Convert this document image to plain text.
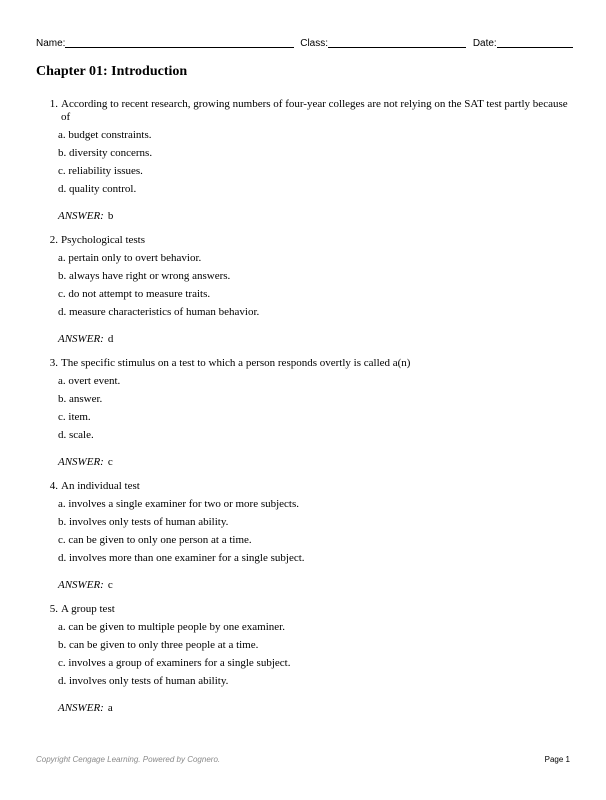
Name:	Class:	Date:
Chapter 01: Introduction
1. According to recent research, growing numbers of four-year colleges are not relying on the SAT test partly because of
a. budget constraints.
b. diversity concerns.
c. reliability issues.
d. quality control.
ANSWER: b
2. Psychological tests
a. pertain only to overt behavior.
b. always have right or wrong answers.
c. do not attempt to measure traits.
d. measure characteristics of human behavior.
ANSWER: d
3. The specific stimulus on a test to which a person responds overtly is called a(n)
a. overt event.
b. answer.
c. item.
d. scale.
ANSWER: c
4. An individual test
a. involves a single examiner for two or more subjects.
b. involves only tests of human ability.
c. can be given to only one person at a time.
d. involves more than one examiner for a single subject.
ANSWER: c
5. A group test
a. can be given to multiple people by one examiner.
b. can be given to only three people at a time.
c. involves a group of examiners for a single subject.
d. involves only tests of human ability.
ANSWER: a
Copyright Cengage Learning. Powered by Cognero.	Page 1
